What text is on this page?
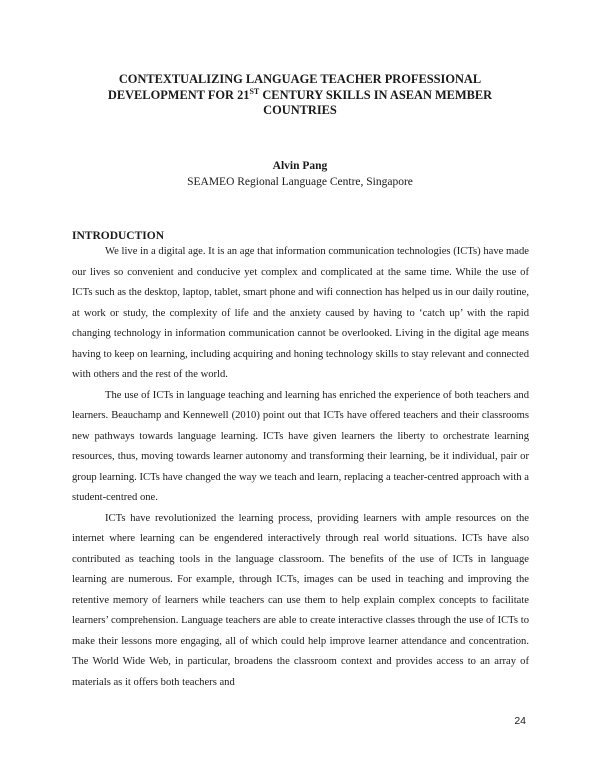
CONTEXTUALIZING LANGUAGE TEACHER PROFESSIONAL
DEVELOPMENT FOR 21ST CENTURY SKILLS IN ASEAN MEMBER
COUNTRIES
Alvin Pang
SEAMEO Regional Language Centre, Singapore
INTRODUCTION

We live in a digital age. It is an age that information communication technologies (ICTs) have made our lives so convenient and conducive yet complex and complicated at the same time. While the use of ICTs such as the desktop, laptop, tablet, smart phone and wifi connection has helped us in our daily routine, at work or study, the complexity of life and the anxiety caused by having to ‘catch up’ with the rapid changing technology in information communication cannot be overlooked. Living in the digital age means having to keep on learning, including acquiring and honing technology skills to stay relevant and connected with others and the rest of the world.

The use of ICTs in language teaching and learning has enriched the experience of both teachers and learners. Beauchamp and Kennewell (2010) point out that ICTs have offered teachers and their classrooms new pathways towards language learning. ICTs have given learners the liberty to orchestrate learning resources, thus, moving towards learner autonomy and transforming their learning, be it individual, pair or group learning. ICTs have changed the way we teach and learn, replacing a teacher-centred approach with a student-centred one.

ICTs have revolutionized the learning process, providing learners with ample resources on the internet where learning can be engendered interactively through real world situations. ICTs have also contributed as teaching tools in the language classroom. The benefits of the use of ICTs in language learning are numerous. For example, through ICTs, images can be used in teaching and improving the retentive memory of learners while teachers can use them to help explain complex concepts to facilitate learners’ comprehension. Language teachers are able to create interactive classes through the use of ICTs to make their lessons more engaging, all of which could help improve learner attendance and concentration. The World Wide Web, in particular, broadens the classroom context and provides access to an array of materials as it offers both teachers and

24
